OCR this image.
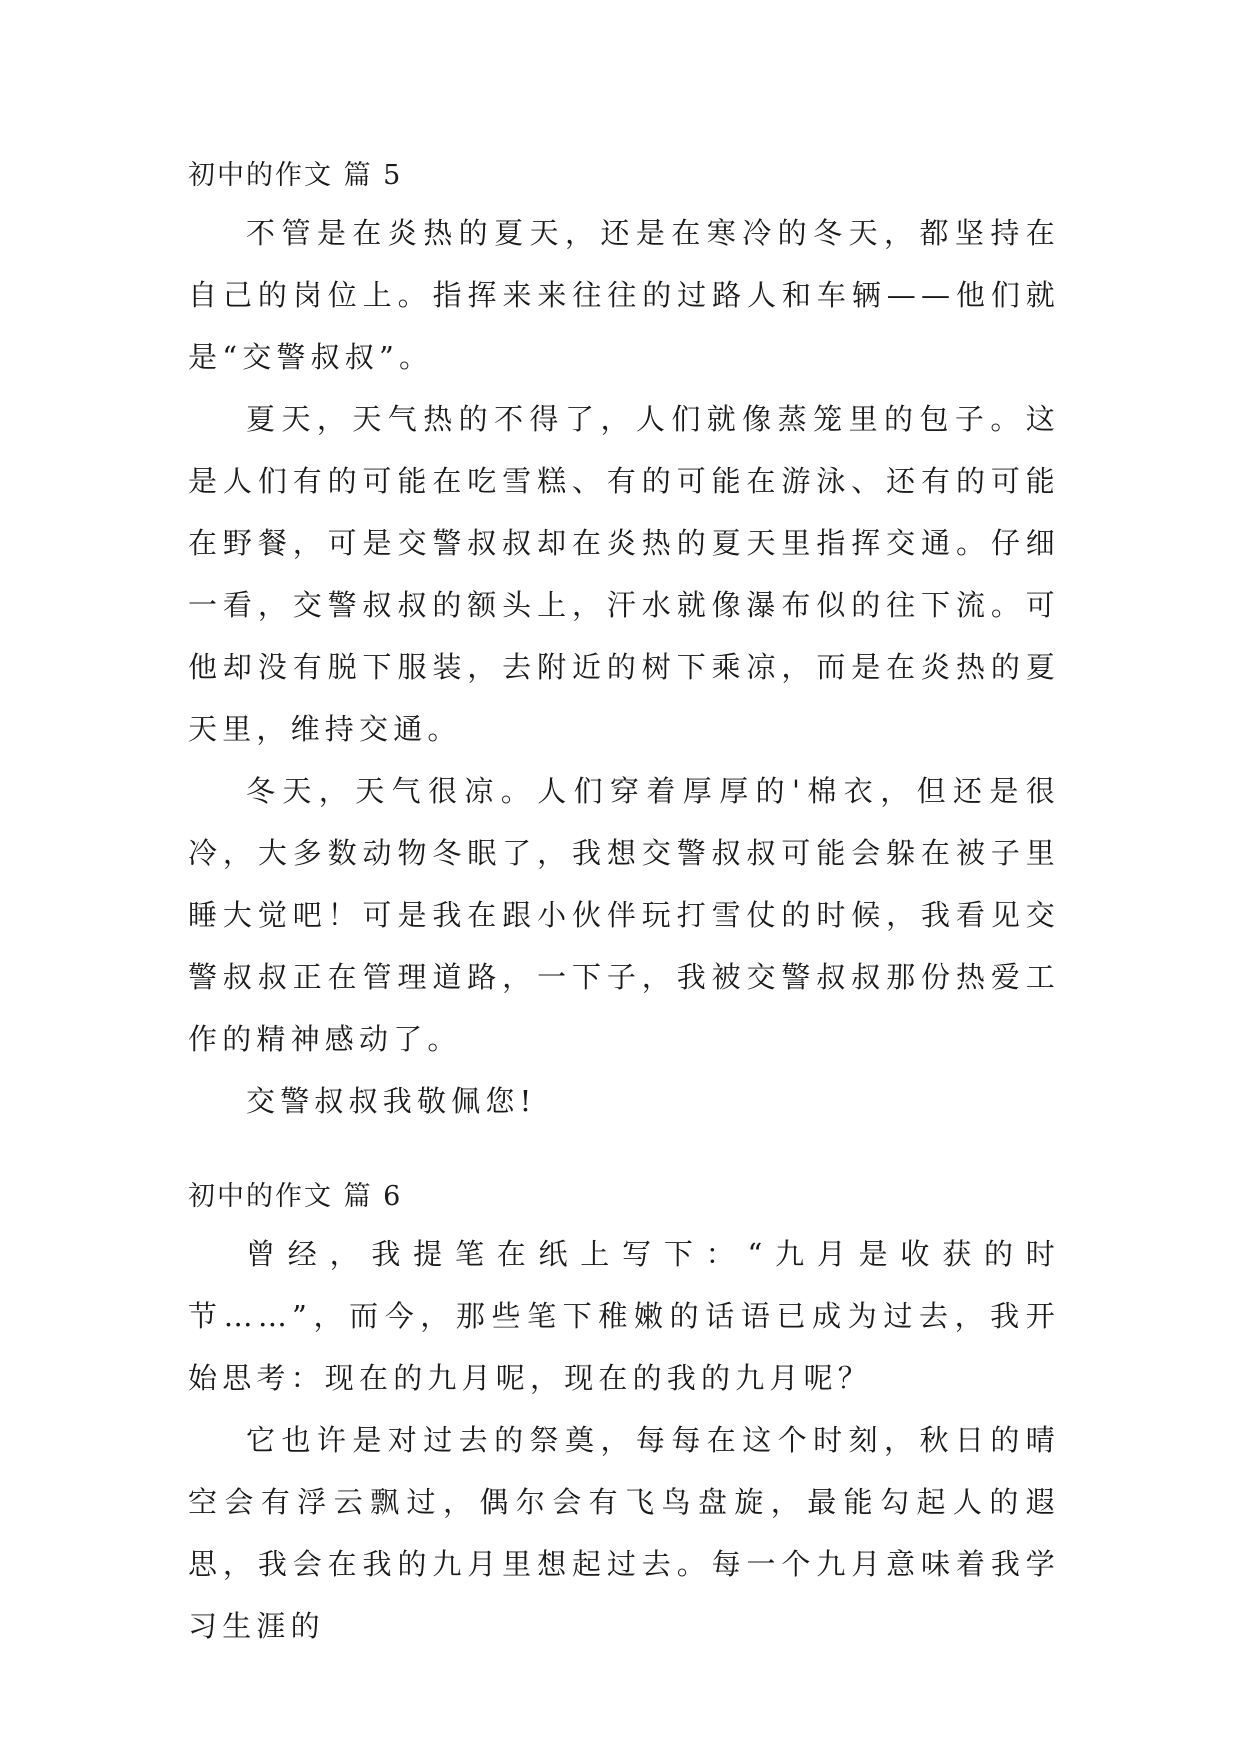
初中的作文 篇 5

不管是在炎热的夏天，还是在寒冷的冬天，都坚持在自己的岗位上。指挥来来往往的过路人和车辆——他们就是“交警叔叔”。

夏天，天气热的不得了，人们就像蒸笼里的包子。这是人们有的可能在吃雪糕、有的可能在游泳、还有的可能在野餐，可是交警叔叔却在炎热的夏天里指挥交通。仔细一看，交警叔叔的额头上，汗水就像瀑布似的往下流。可他却没有脱下服装，去附近的树下乘凉，而是在炎热的夏天里，维持交通。

冬天，天气很凉。人们穿着厚厚的'棉衣，但还是很冷，大多数动物冬眠了，我想交警叔叔可能会躲在被子里睡大觉吧！可是我在跟小伙伴玩打雪仗的时候，我看见交警叔叔正在管理道路，一下子，我被交警叔叔那份热爱工作的精神感动了。

交警叔叔我敬佩您!

初中的作文 篇 6

曾经，我提笔在纸上写下：“九月是收获的时节……”，而今，那些笔下稚嫩的话语已成为过去，我开始思考：现在的九月呢，现在的我的九月呢？

它也许是对过去的祭奠，每每在这个时刻，秋日的晴空会有浮云飘过，偶尔会有飞鸟盘旋，最能勾起人的遐思，我会在我的九月里想起过去。每一个九月意味着我学习生涯的
